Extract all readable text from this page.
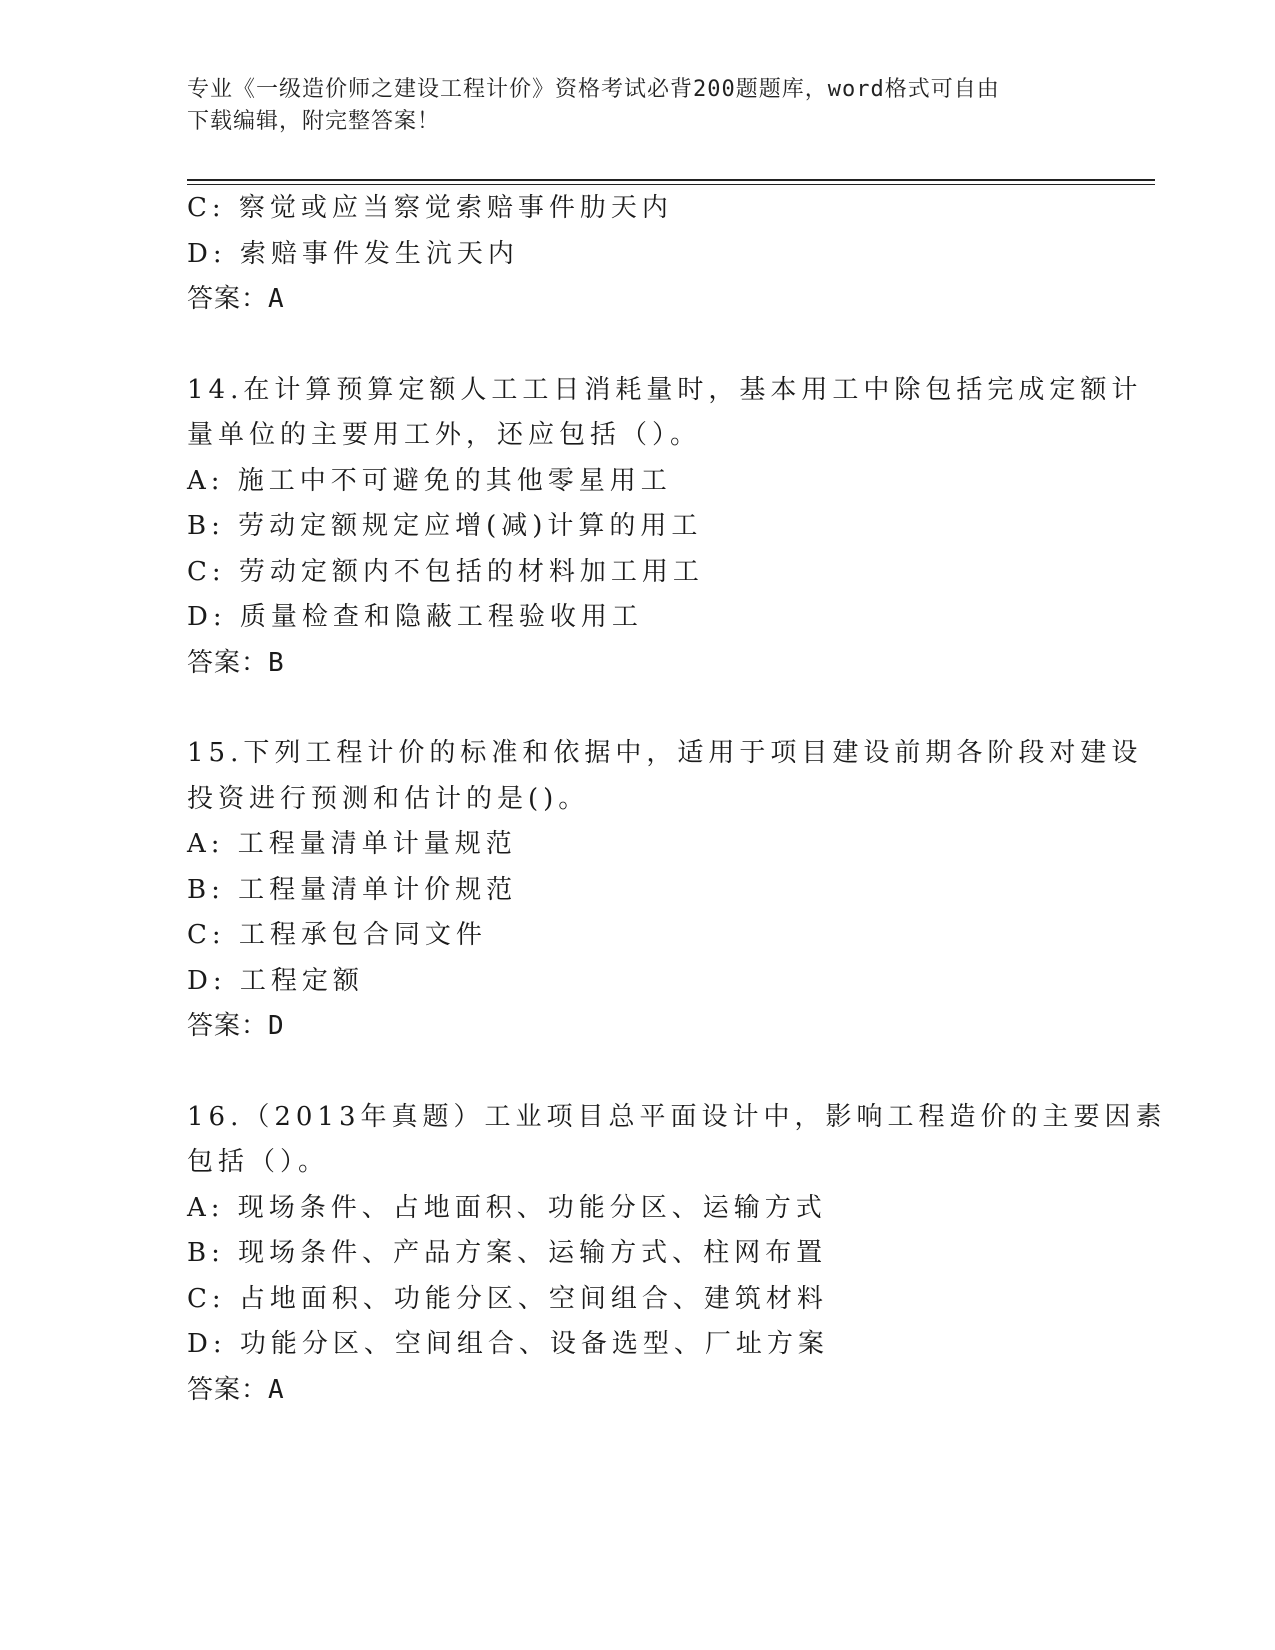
专业《一级造价师之建设工程计价》资格考试必背200题题库，word格式可自由
下载编辑，附完整答案！
C: 察觉或应当察觉索赔事件肋天内
D: 索赔事件发生沆天内
答案：A
14.在计算预算定额人工工日消耗量时，基本用工中除包括完成定额计
量单位的主要用工外，还应包括（）。
A: 施工中不可避免的其他零星用工
B: 劳动定额规定应增(减)计算的用工
C: 劳动定额内不包括的材料加工用工
D: 质量检查和隐蔽工程验收用工
答案：B
15.下列工程计价的标准和依据中，适用于项目建设前期各阶段对建设
投资进行预测和估计的是()。
A: 工程量清单计量规范
B: 工程量清单计价规范
C: 工程承包合同文件
D: 工程定额
答案：D
16.（2013年真题）工业项目总平面设计中，影响工程造价的主要因素
包括（）。
A: 现场条件、占地面积、功能分区、运输方式
B: 现场条件、产品方案、运输方式、柱网布置
C: 占地面积、功能分区、空间组合、建筑材料
D: 功能分区、空间组合、设备选型、厂址方案
答案：A
